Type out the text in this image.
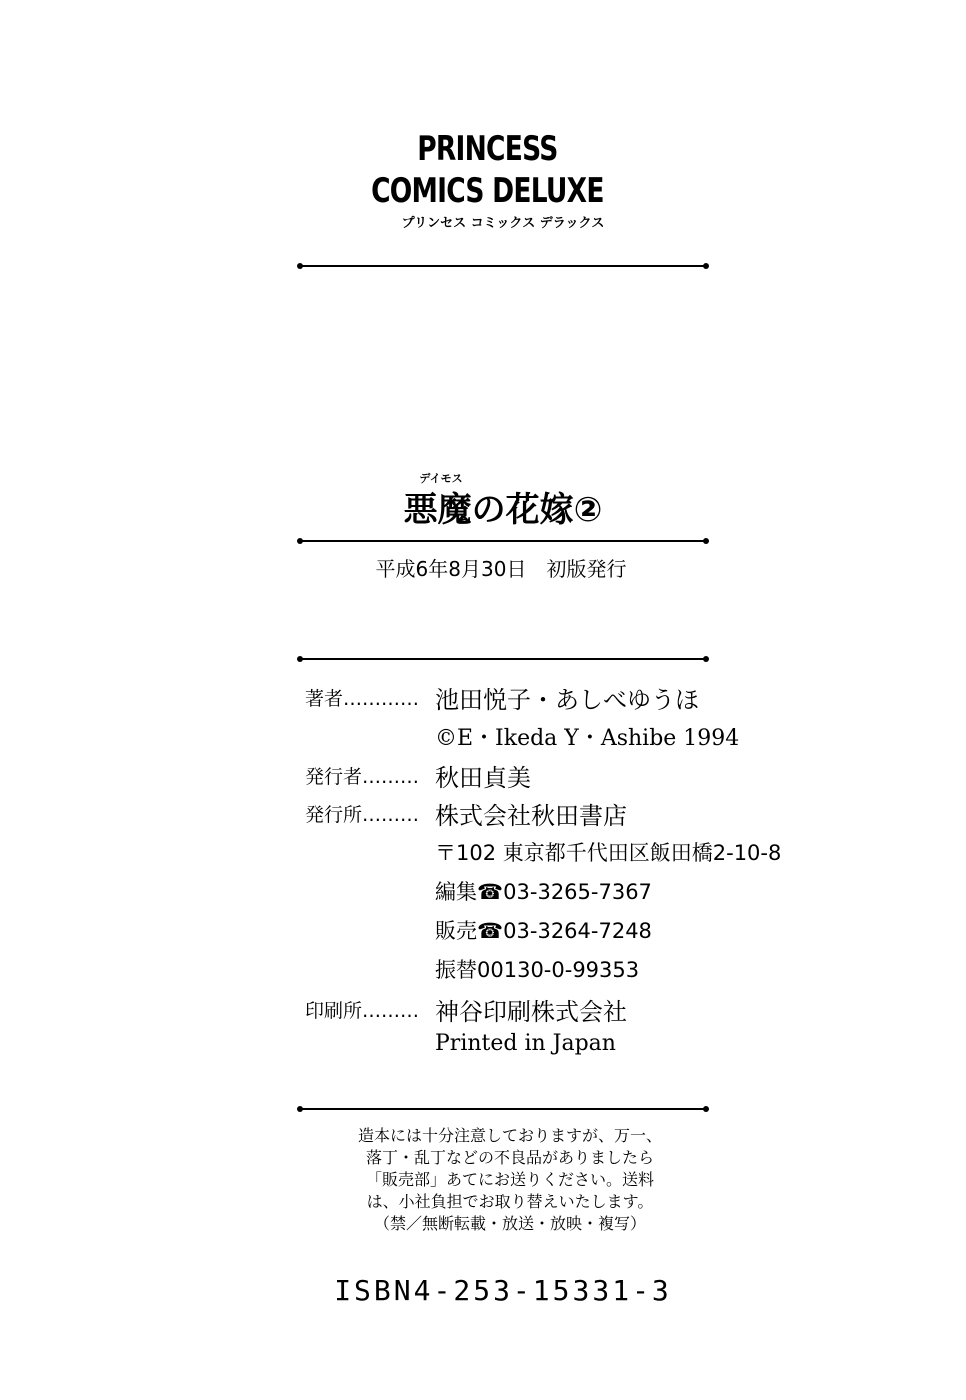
PRINCESS
COMICS DELUXE
プリンセス コミックス デラックス
デイモス
悪魔の花嫁②
平成6年8月30日　初版発行
著者………… 池田悦子・あしべゆうほ
©E・Ikeda Y・Ashibe 1994
発行者……… 秋田貞美
発行所……… 株式会社秋田書店
〒102 東京都千代田区飯田橋2-10-8
編集☎03-3265-7367
販売☎03-3264-7248
振替00130-0-99353
印刷所……… 神谷印刷株式会社
Printed in Japan
造本には十分注意しておりますが、万一、
落丁・乱丁などの不良品がありましたら
「販売部」あてにお送りください。送料
は、小社負担でお取り替えいたします。
（禁／無断転載・放送・放映・複写）
ISBN4-253-15331-3
